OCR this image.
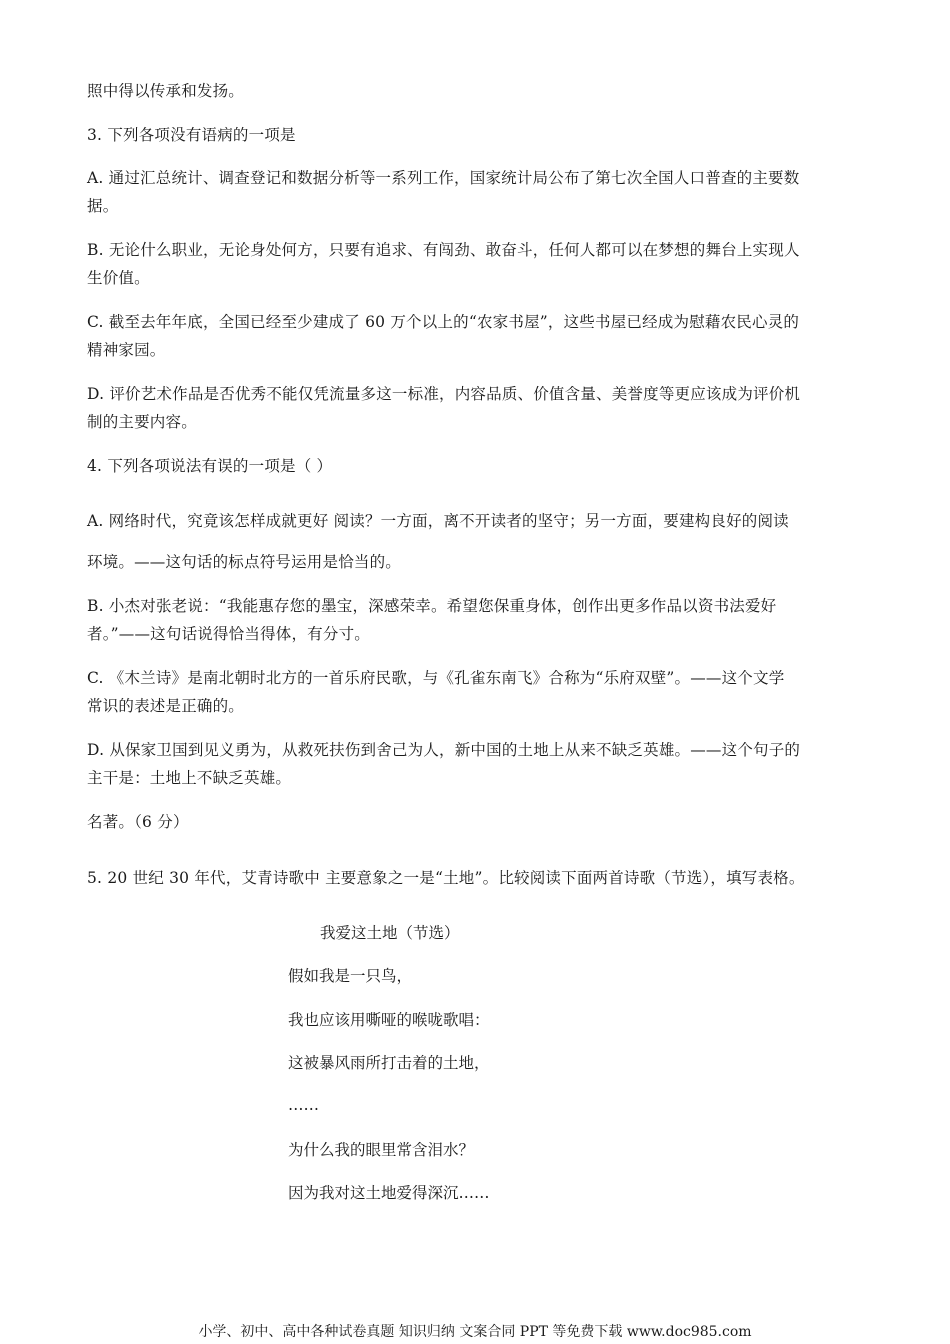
照中得以传承和发扬。
3. 下列各项没有语病的一项是
A. 通过汇总统计、调查登记和数据分析等一系列工作，国家统计局公布了第七次全国人口普查的主要数
据。
B. 无论什么职业，无论身处何方，只要有追求、有闯劲、敢奋斗，任何人都可以在梦想的舞台上实现人
生价值。
C. 截至去年年底，全国已经至少建成了 60 万个以上的“农家书屋”，这些书屋已经成为慰藉农民心灵的
精神家园。
D. 评价艺术作品是否优秀不能仅凭流量多这一标准，内容品质、价值含量、美誉度等更应该成为评价机
制的主要内容。
4. 下列各项说法有误的一项是（ ）
A. 网络时代，究竟该怎样成就更好 阅读？一方面，离不开读者的坚守；另一方面，要建构良好的阅读
环境。——这句话的标点符号运用是恰当的。
B. 小杰对张老说：“我能惠存您的墨宝，深感荣幸。希望您保重身体，创作出更多作品以资书法爱好
者。”——这句话说得恰当得体，有分寸。
C. 《木兰诗》是南北朝时北方的一首乐府民歌，与《孔雀东南飞》合称为“乐府双壁”。——这个文学
常识的表述是正确的。
D. 从保家卫国到见义勇为，从救死扶伤到舍己为人，新中国的土地上从来不缺乏英雄。——这个句子的
主干是：土地上不缺乏英雄。
名著。（6 分）
5. 20 世纪 30 年代，艾青诗歌中 主要意象之一是“土地”。比较阅读下面两首诗歌（节选），填写表格。
我爱这土地（节选）
假如我是一只鸟，
我也应该用嘶哑的喉咙歌唱：
这被暴风雨所打击着的土地，
……
为什么我的眼里常含泪水？
因为我对这土地爱得深沉……
小学、初中、高中各种试卷真题 知识归纳 文案合同 PPT 等免费下载 www.doc985.com
